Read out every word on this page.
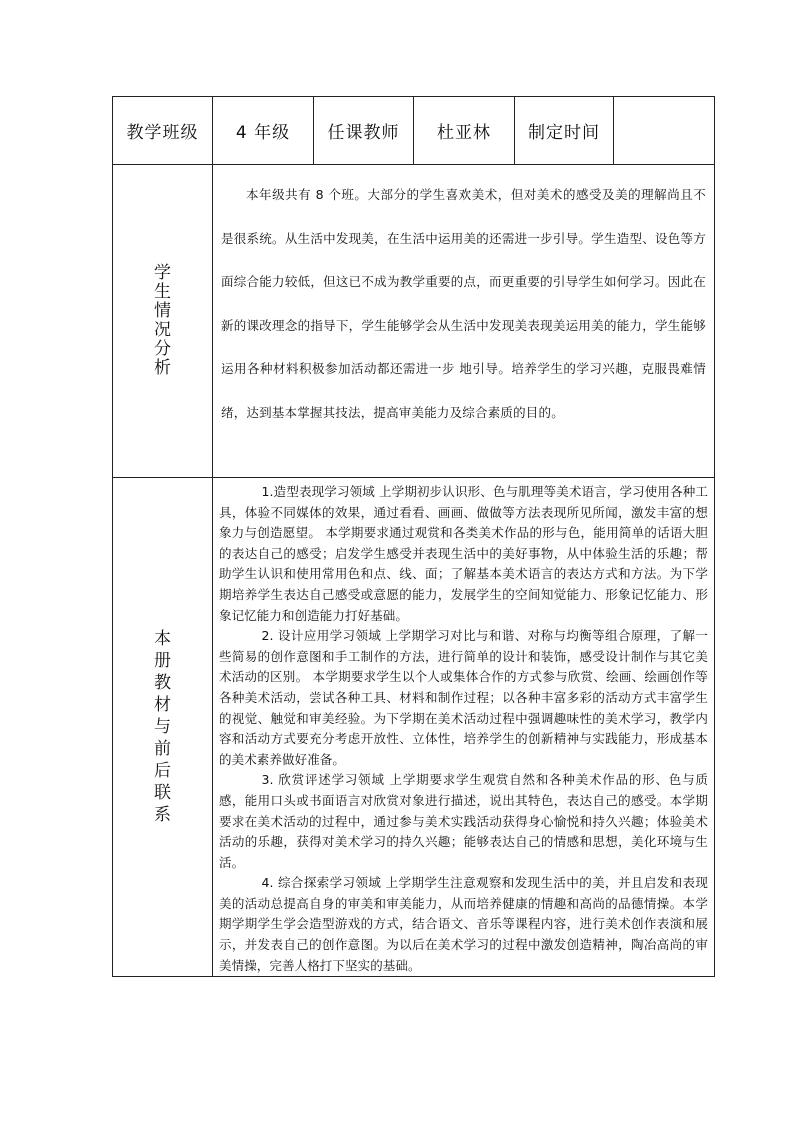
教学班级	4 年级	任课教师	杜亚林	制定时间	
学生情况分析	本年级共有 8 个班。大部分的学生喜欢美术，但对美术的感受及美的理解尚且不是很系统。从生活中发现美，在生活中运用美的还需进一步引导。学生造型、设色等方面综合能力较低，但这已不成为教学重要的点，而更重要的引导学生如何学习。因此在新的课改理念的指导下，学生能够学会从生活中发现美表现美运用美的能力，学生能够运用各种材料积极参加活动都还需进一步 地引导。培养学生的学习兴趣，克服畏难情绪，达到基本掌握其技法，提高审美能力及综合素质的目的。				

本册教材与前后联系	1.造型表现学习领域 上学期初步认识形、色与肌理等美术语言，学习使用各种工具，体验不同媒体的效果，通过看看、画画、做做等方法表现所见所闻，激发丰富的想象力与创造愿望。 本学期要求通过观赏和各类美术作品的形与色，能用简单的话语大胆的表达自己的感受；启发学生感受并表现生活中的美好事物，从中体验生活的乐趣；帮助学生认识和使用常用色和点、线、面；了解基本美术语言的表达方式和方法。为下学期培养学生表达自己感受或意愿的能力，发展学生的空间知觉能力、形象记忆能力、形象记忆能力和创造能力打好基础。

2. 设计应用学习领域 上学期学习对比与和谐、对称与均衡等组合原理，了解一些简易的创作意图和手工制作的方法，进行简单的设计和装饰，感受设计制作与其它美术活动的区别。 本学期要求学生以个人或集体合作的方式参与欣赏、绘画、绘画创作等各种美术活动，尝试各种工具、材料和制作过程；以各种丰富多彩的活动方式丰富学生的视觉、触觉和审美经验。为下学期在美术活动过程中强调趣味性的美术学习，教学内容和活动方式要充分考虑开放性、立体性，培养学生的创新精神与实践能力，形成基本的美术素养做好准备。

3. 欣赏评述学习领域 上学期要求学生观赏自然和各种美术作品的形、色与质感，能用口头或书面语言对欣赏对象进行描述，说出其特色，表达自己的感受。本学期 要求在美术活动的过程中，通过参与美术实践活动获得身心愉悦和持久兴趣；体验美术活动的乐趣，获得对美术学习的持久兴趣；能够表达自己的情感和思想，美化环境与生活。

4. 综合探索学习领域 上学期学生注意观察和发现生活中的美，并且启发和表现美的活动总提高自身的审美和审美能力，从而培养健康的情趣和高尚的品德情操。本学期学期学生学会造型游戏的方式，结合语文、音乐等课程内容，进行美术创作表演和展示，并发表自己的创作意图。为以后在美术学习的过程中激发创造精神，陶冶高尚的审美情操，完善人格打下坚实的基础。				
